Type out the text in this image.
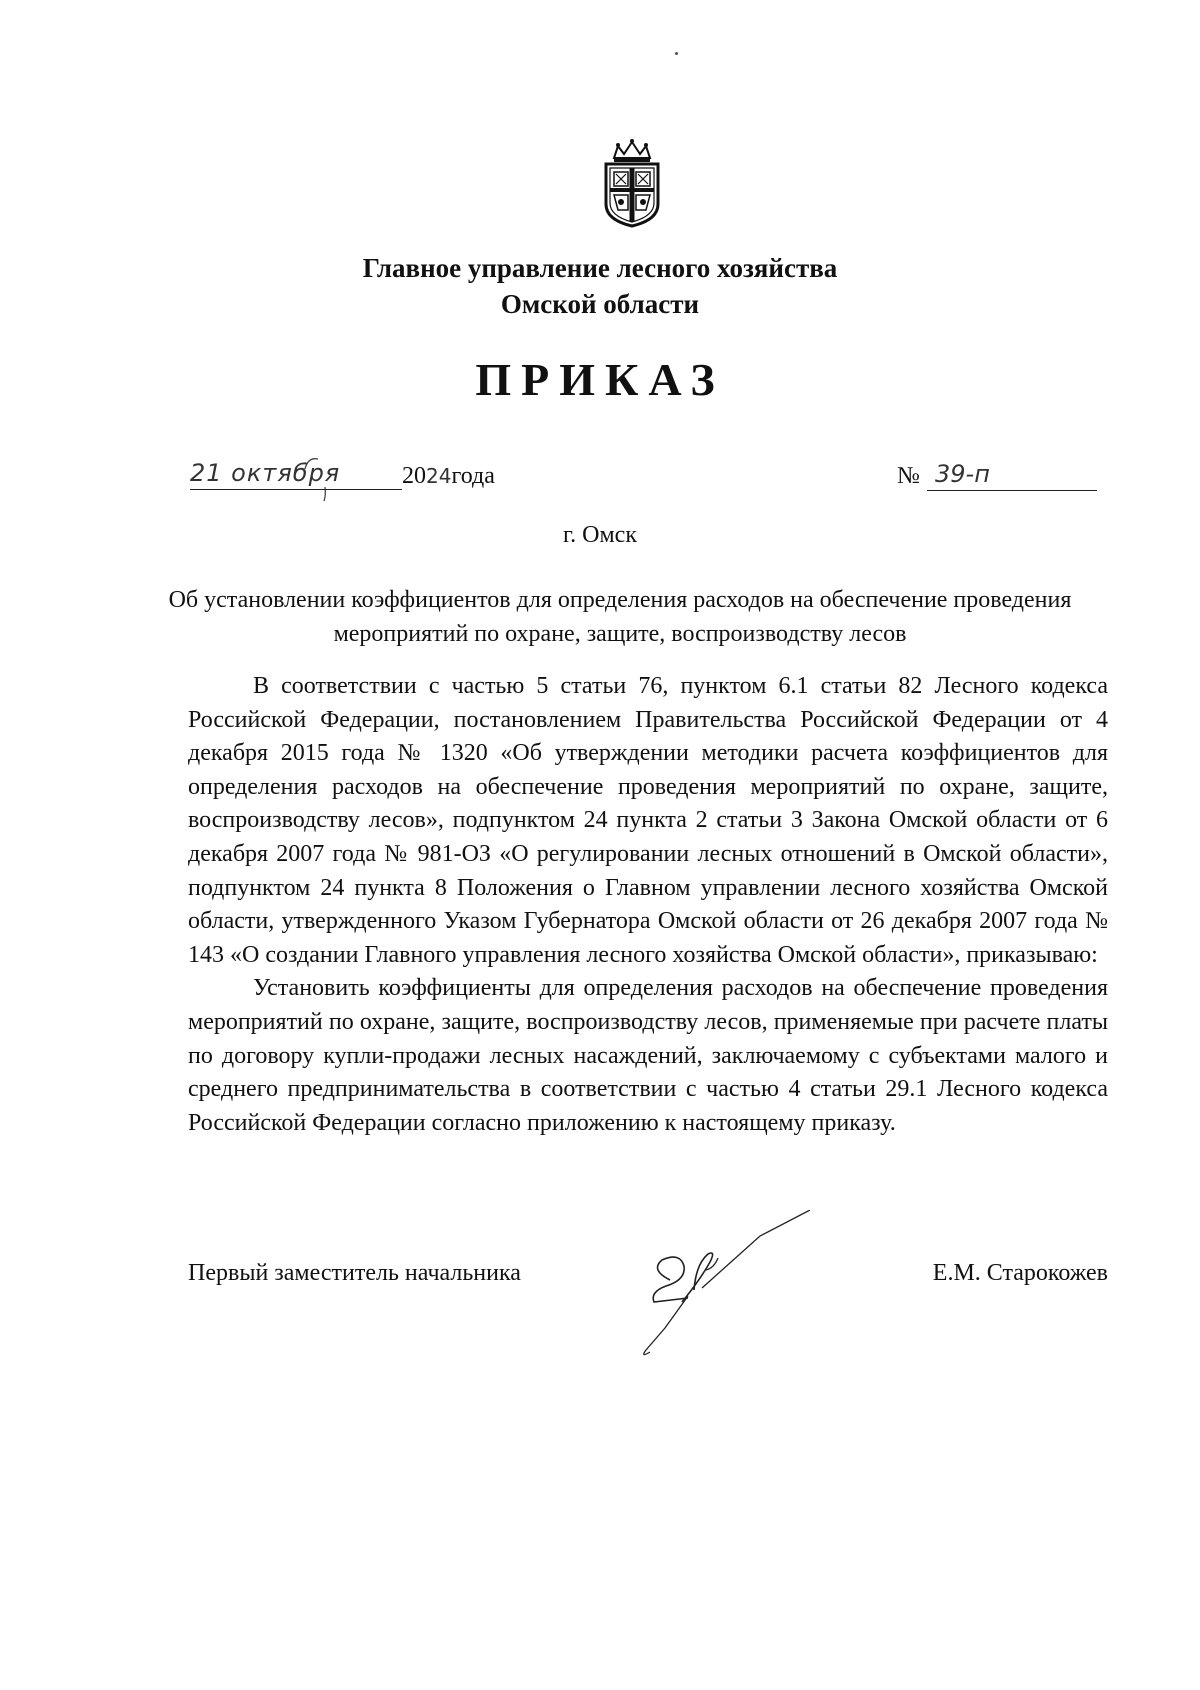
Главное управление лесного хозяйства
Омской области
ПРИКАЗ
21 октября	2024года	№ 39-п
г. Омск
Об установлении коэффициентов для определения расходов на обеспечение проведения мероприятий по охране, защите, воспроизводству лесов

В соответствии с частью 5 статьи 76, пунктом 6.1 статьи 82 Лесного кодекса Российской Федерации, постановлением Правительства Российской Федерации от 4 декабря 2015 года № 1320 «Об утверждении методики расчета коэффициентов для определения расходов на обеспечение проведения мероприятий по охране, защите, воспроизводству лесов», подпунктом 24 пункта 2 статьи 3 Закона Омской области от 6 декабря 2007 года № 981-ОЗ «О регулировании лесных отношений в Омской области», подпунктом 24 пункта 8 Положения о Главном управлении лесного хозяйства Омской области, утвержденного Указом Губернатора Омской области от 26 декабря 2007 года № 143 «О создании Главного управления лесного хозяйства Омской области», приказываю:

Установить коэффициенты для определения расходов на обеспечение проведения мероприятий по охране, защите, воспроизводству лесов, применяемые при расчете платы по договору купли-продажи лесных насаждений, заключаемому с субъектами малого и среднего предпринимательства в соответствии с частью 4 статьи 29.1 Лесного кодекса Российской Федерации согласно приложению к настоящему приказу.

Первый заместитель начальника	Е.М. Старокожев
